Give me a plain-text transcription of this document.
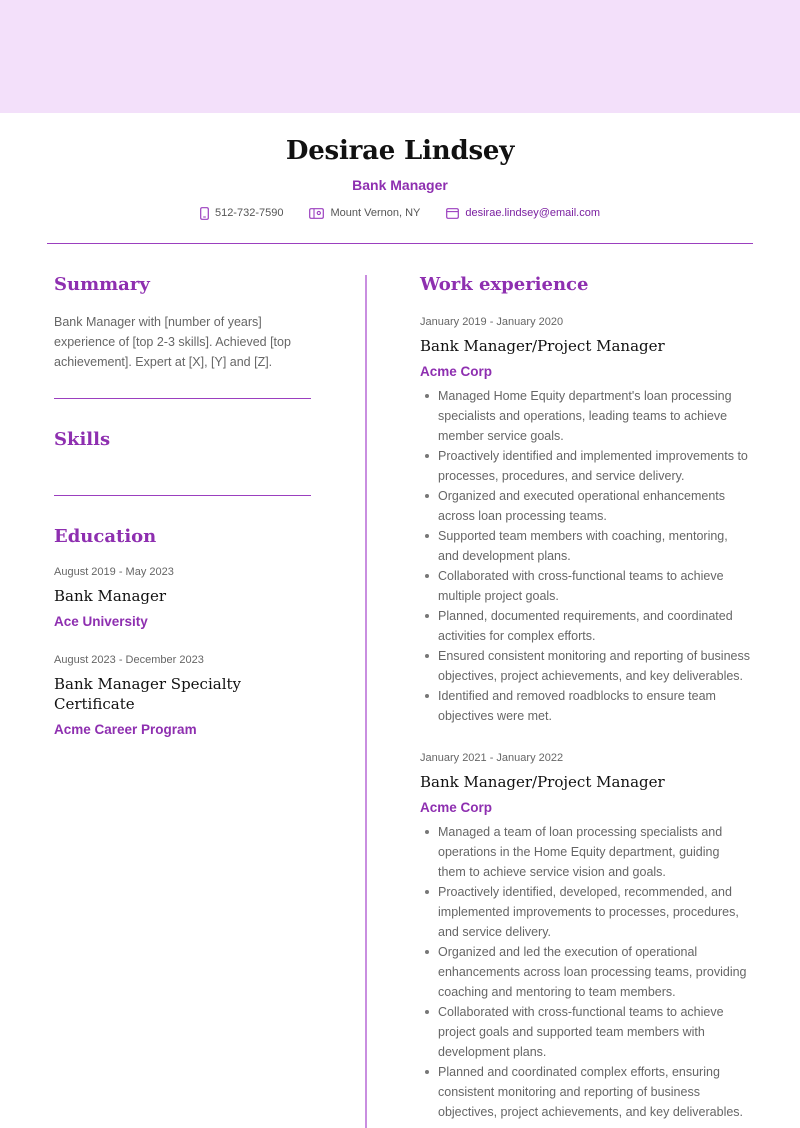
Desirae Lindsey
Bank Manager
512-732-7590	Mount Vernon, NY	desirae.lindsey@email.com
Summary
Bank Manager with [number of years] experience of [top 2-3 skills]. Achieved [top achievement]. Expert at [X], [Y] and [Z].
Skills
Education
August 2019 - May 2023
Bank Manager
Ace University
August 2023 - December 2023
Bank Manager Specialty Certificate
Acme Career Program
Work experience
January 2019 - January 2020
Bank Manager/Project Manager
Acme Corp
Managed Home Equity department's loan processing specialists and operations, leading teams to achieve member service goals.
Proactively identified and implemented improvements to processes, procedures, and service delivery.
Organized and executed operational enhancements across loan processing teams.
Supported team members with coaching, mentoring, and development plans.
Collaborated with cross-functional teams to achieve multiple project goals.
Planned, documented requirements, and coordinated activities for complex efforts.
Ensured consistent monitoring and reporting of business objectives, project achievements, and key deliverables.
Identified and removed roadblocks to ensure team objectives were met.
January 2021 - January 2022
Bank Manager/Project Manager
Acme Corp
Managed a team of loan processing specialists and operations in the Home Equity department, guiding them to achieve service vision and goals.
Proactively identified, developed, recommended, and implemented improvements to processes, procedures, and service delivery.
Organized and led the execution of operational enhancements across loan processing teams, providing coaching and mentoring to team members.
Collaborated with cross-functional teams to achieve project goals and supported team members with development plans.
Planned and coordinated complex efforts, ensuring consistent monitoring and reporting of business objectives, project achievements, and key deliverables.
